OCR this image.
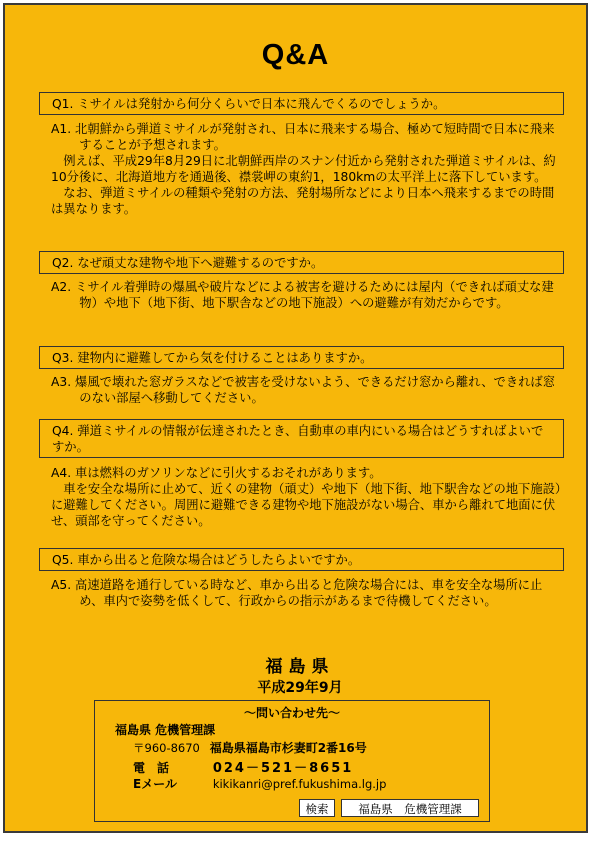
Q&A
Q1. ミサイルは発射から何分くらいで日本に飛んでくるのでしょうか。
A1. 北朝鮮から弾道ミサイルが発射され、日本に飛来する場合、極めて短時間で日本に飛来することが予想されます。
例えば、平成29年8月29日に北朝鮮西岸のスナン付近から発射された弾道ミサイルは、約10分後に、北海道地方を通過後、襟裳岬の東約1，180kmの太平洋上に落下しています。
なお、弾道ミサイルの種類や発射の方法、発射場所などにより日本へ飛来するまでの時間は異なります。
Q2. なぜ頑丈な建物や地下へ避難するのですか。
A2. ミサイル着弾時の爆風や破片などによる被害を避けるためには屋内（できれば頑丈な建物）や地下（地下街、地下駅舎などの地下施設）への避難が有効だからです。
Q3. 建物内に避難してから気を付けることはありますか。
A3. 爆風で壊れた窓ガラスなどで被害を受けないよう、できるだけ窓から離れ、できれば窓のない部屋へ移動してください。
Q4. 弾道ミサイルの情報が伝達されたとき、自動車の車内にいる場合はどうすればよいですか。
A4. 車は燃料のガソリンなどに引火するおそれがあります。
車を安全な場所に止めて、近くの建物（頑丈）や地下（地下街、地下駅舎などの地下施設）に避難してください。周囲に避難できる建物や地下施設がない場合、車から離れて地面に伏せ、頭部を守ってください。
Q5. 車から出ると危険な場合はどうしたらよいですか。
A5. 高速道路を通行している時など、車から出ると危険な場合には、車を安全な場所に止め、車内で姿勢を低くして、行政からの指示があるまで待機してください。
福島県
平成29年9月
～問い合わせ先～
福島県 危機管理課
〒960-8670 福島県福島市杉妻町2番16号
電　話	024－521－8651
Eメール	kikikanri@pref.fukushima.lg.jp
検索	福島県　危機管理課
